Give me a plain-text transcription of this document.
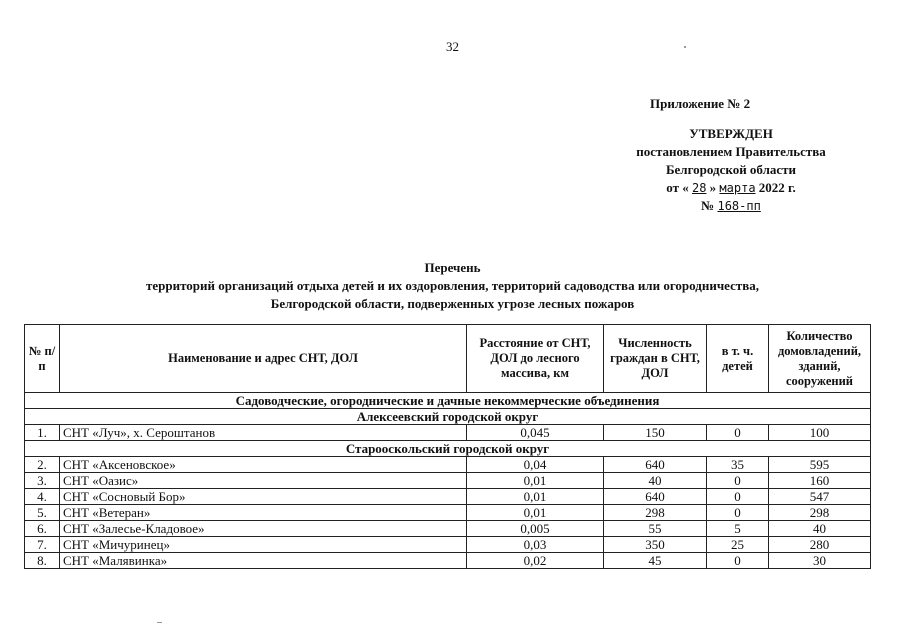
32
Приложение № 2
УТВЕРЖДЕН
постановлением Правительства
Белгородской области
от « 28 » марта 2022 г.
№ 168-пп
Перечень
территорий организаций отдыха детей и их оздоровления, территорий садоводства или огородничества,
Белгородской области, подверженных угрозе лесных пожаров
№ п/п	Наименование и адрес СНТ, ДОЛ	Расстояние от СНТ, ДОЛ до лесного массива, км	Численность граждан в СНТ, ДОЛ	в т. ч. детей	Количество домовладений, зданий, сооружений
Садоводческие, огороднические и дачные некоммерческие объединения					
Алексеевский городской округ					
1.	СНТ «Луч», х. Сероштанов	0,045	150	0	100
Старооскольский городской округ					
2.	СНТ «Аксеновское»	0,04	640	35	595
3.	СНТ «Оазис»	0,01	40	0	160
4.	СНТ «Сосновый Бор»	0,01	640	0	547
5.	СНТ «Ветеран»	0,01	298	0	298
6.	СНТ «Залесье-Кладовое»	0,005	55	5	40
7.	СНТ «Мичуринец»	0,03	350	25	280
8.	СНТ «Малявинка»	0,02	45	0	30
